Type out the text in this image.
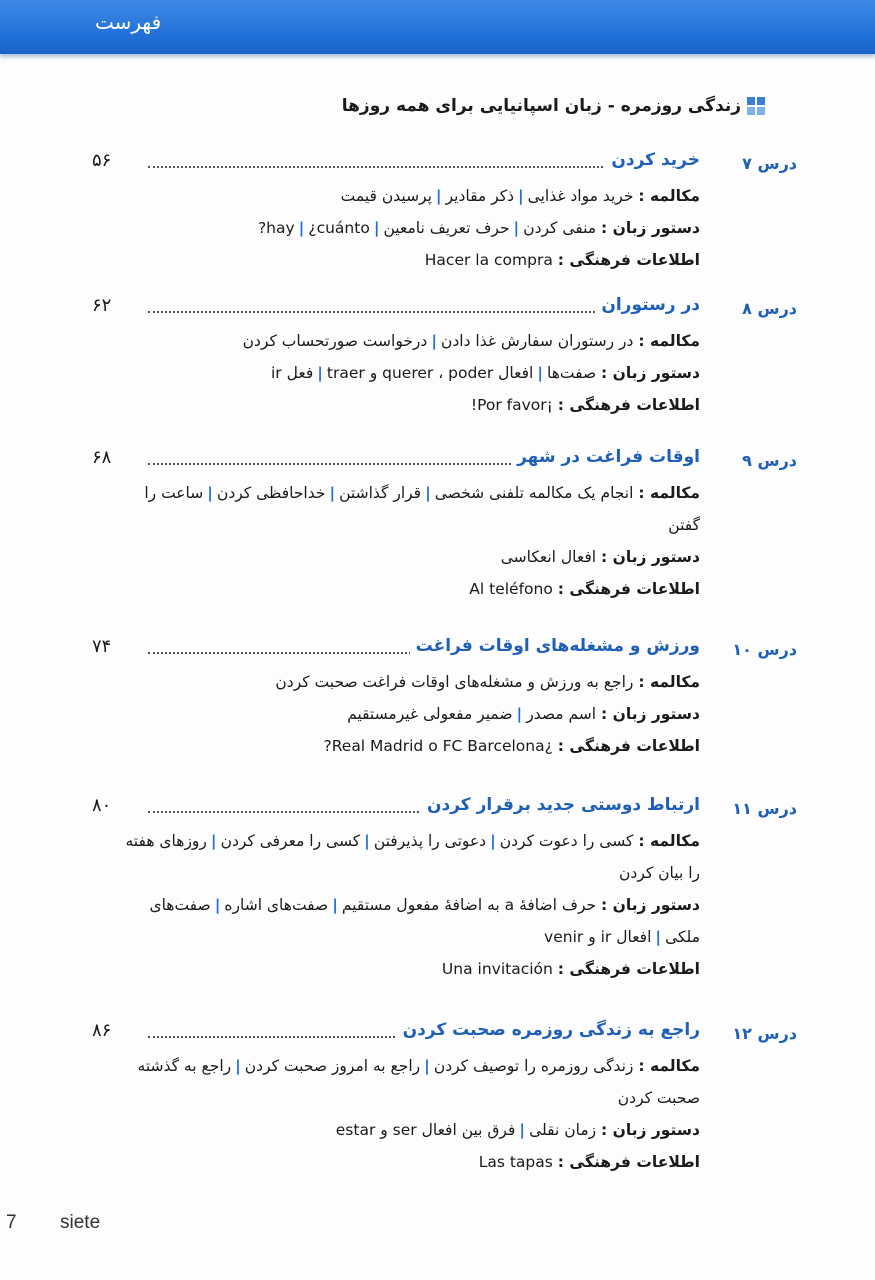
فهرست
زندگی روزمره - زبان اسپانیایی برای همه روزها
درس ۷
خرید کردن
۵۶
مکالمه : خرید مواد غذایی|ذکر مقادیر|پرسیدن قیمت
دستور زبان : منفی کردن|حرف تعریف نامعین|hay |¿cuánto?
اطلاعات فرهنگی : Hacer la compra
درس ۸
در رستوران
۶۲
مکالمه : در رستوران سفارش غذا دادن|درخواست صورتحساب کردن
دستور زبان : صفت‌ها|افعال querer ، poder و traer|فعل ir
اطلاعات فرهنگی : ¡Por favor!
درس ۹
اوقات فراغت در شهر
۶۸
مکالمه : انجام یک مکالمه تلفنی شخصی|قرار گذاشتن|خداحافظی کردن|ساعت را گفتن
دستور زبان : افعال انعکاسی
اطلاعات فرهنگی : Al teléfono
درس ۱۰
ورزش و مشغله‌های اوقات فراغت
۷۴
مکالمه : راجع به ورزش و مشغله‌های اوقات فراغت صحبت کردن
دستور زبان : اسم مصدر|ضمیر مفعولی غیرمستقیم
اطلاعات فرهنگی : ¿Real Madrid o FC Barcelona?
درس ۱۱
ارتباط دوستی جدید برقرار کردن
۸۰
مکالمه : کسی را دعوت کردن|دعوتی را پذیرفتن|کسی را معرفی کردن|روزهای هفته را بیان کردن
دستور زبان : حرف اضافهٔ a به اضافهٔ مفعول مستقیم|صفت‌های اشاره|صفت‌های ملکی|افعال ir و venir
اطلاعات فرهنگی : Una invitación
درس ۱۲
راجع به زندگی روزمره صحبت کردن
۸۶
مکالمه : زندگی روزمره را توصیف کردن|راجع به امروز صحبت کردن|راجع به گذشته صحبت کردن
دستور زبان : زمان نقلی|فرق بین افعال ser و estar
اطلاعات فرهنگی : Las tapas
7 siete
